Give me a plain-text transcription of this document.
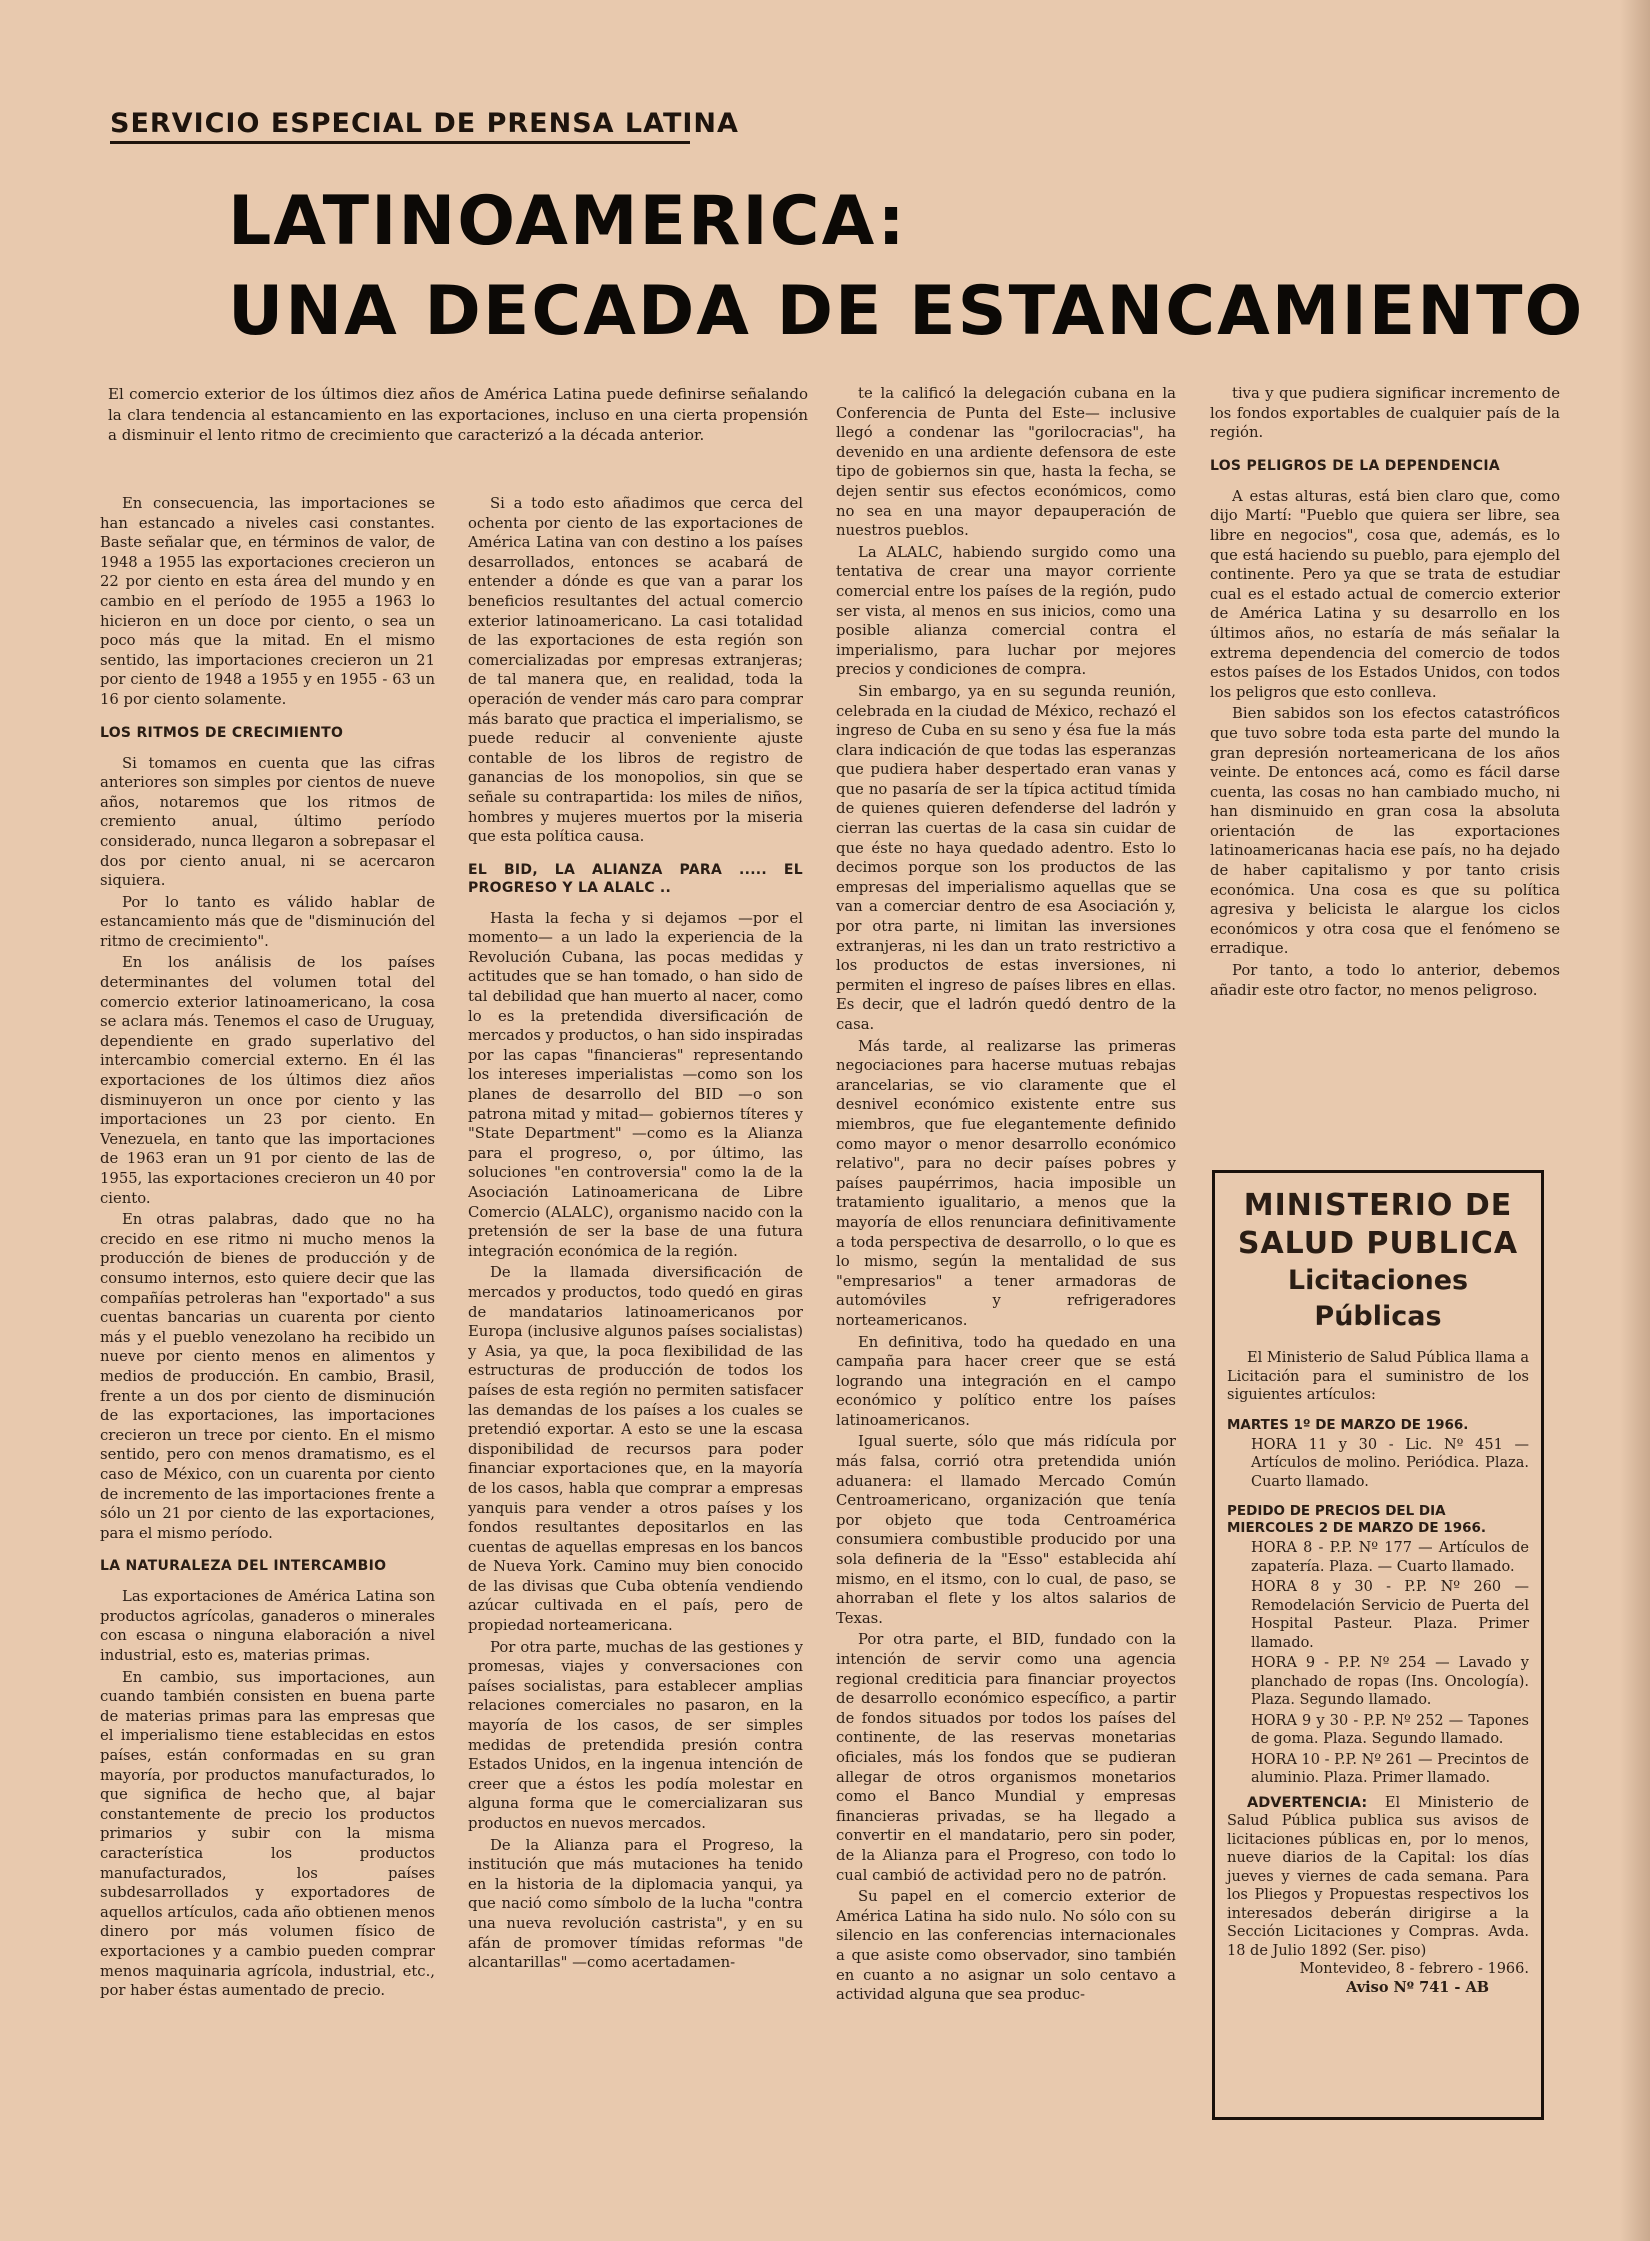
SERVICIO ESPECIAL DE PRENSA LATINA
LATINOAMERICA:
UNA DECADA DE ESTANCAMIENTO

El comercio exterior de los últimos diez años de América Latina puede definirse señalando la clara tendencia al estancamiento en las exportaciones, incluso en una cierta propensión a disminuir el lento ritmo de crecimiento que caracterizó a la década anterior.

En consecuencia, las importaciones se han estancado a niveles casi constantes. Baste señalar que, en términos de valor, de 1948 a 1955 las exportaciones crecieron un 22 por ciento en esta área del mundo y en cambio en el período de 1955 a 1963 lo hicieron en un doce por ciento, o sea un poco más que la mitad. En el mismo sentido, las importaciones crecieron un 21 por ciento de 1948 a 1955 y en 1955 - 63 un 16 por ciento solamente.

LOS RITMOS DE CRECIMIENTO

Si tomamos en cuenta que las cifras anteriores son simples por cientos de nueve años, notaremos que los ritmos de cremiento anual, último período considerado, nunca llegaron a sobrepasar el dos por ciento anual, ni se acercaron siquiera.

Por lo tanto es válido hablar de estancamiento más que de "disminución del ritmo de crecimiento".

En los análisis de los países determinantes del volumen total del comercio exterior latinoamericano, la cosa se aclara más. Tenemos el caso de Uruguay, dependiente en grado superlativo del intercambio comercial externo. En él las exportaciones de los últimos diez años disminuyeron un once por ciento y las importaciones un 23 por ciento. En Venezuela, en tanto que las importaciones de 1963 eran un 91 por ciento de las de 1955, las exportaciones crecieron un 40 por ciento.

En otras palabras, dado que no ha crecido en ese ritmo ni mucho menos la producción de bienes de producción y de consumo internos, esto quiere decir que las compañías petroleras han "exportado" a sus cuentas bancarias un cuarenta por ciento más y el pueblo venezolano ha recibido un nueve por ciento menos en alimentos y medios de producción. En cambio, Brasil, frente a un dos por ciento de disminución de las exportaciones, las importaciones crecieron un trece por ciento. En el mismo sentido, pero con menos dramatismo, es el caso de México, con un cuarenta por ciento de incremento de las importaciones frente a sólo un 21 por ciento de las exportaciones, para el mismo período.

LA NATURALEZA DEL INTERCAMBIO

Las exportaciones de América Latina son productos agrícolas, ganaderos o minerales con escasa o ninguna elaboración a nivel industrial, esto es, materias primas.

En cambio, sus importaciones, aun cuando también consisten en buena parte de materias primas para las empresas que el imperialismo tiene establecidas en estos países, están conformadas en su gran mayoría, por productos manufacturados, lo que significa de hecho que, al bajar constantemente de precio los productos primarios y subir con la misma característica los productos manufacturados, los países subdesarrollados y exportadores de aquellos artículos, cada año obtienen menos dinero por más volumen físico de exportaciones y a cambio pueden comprar menos maquinaria agrícola, industrial, etc., por haber éstas aumentado de precio.

Si a todo esto añadimos que cerca del ochenta por ciento de las exportaciones de América Latina van con destino a los países desarrollados, entonces se acabará de entender a dónde es que van a parar los beneficios resultantes del actual comercio exterior latinoamericano. La casi totalidad de las exportaciones de esta región son comercializadas por empresas extranjeras; de tal manera que, en realidad, toda la operación de vender más caro para comprar más barato que practica el imperialismo, se puede reducir al conveniente ajuste contable de los libros de registro de ganancias de los monopolios, sin que se señale su contrapartida: los miles de niños, hombres y mujeres muertos por la miseria que esta política causa.

EL BID, LA ALIANZA PARA ..... EL PROGRESO Y LA ALALC ..

Hasta la fecha y si dejamos —por el momento— a un lado la experiencia de la Revolución Cubana, las pocas medidas y actitudes que se han tomado, o han sido de tal debilidad que han muerto al nacer, como lo es la pretendida diversificación de mercados y productos, o han sido inspiradas por las capas "financieras" representando los intereses imperialistas —como son los planes de desarrollo del BID —o son patrona mitad y mitad— gobiernos títeres y "State Department" —como es la Alianza para el progreso, o, por último, las soluciones "en controversia" como la de la Asociación Latinoamericana de Libre Comercio (ALALC), organismo nacido con la pretensión de ser la base de una futura integración económica de la región.

De la llamada diversificación de mercados y productos, todo quedó en giras de mandatarios latinoamericanos por Europa (inclusive algunos países socialistas) y Asia, ya que, la poca flexibilidad de las estructuras de producción de todos los países de esta región no permiten satisfacer las demandas de los países a los cuales se pretendió exportar. A esto se une la escasa disponibilidad de recursos para poder financiar exportaciones que, en la mayoría de los casos, habla que comprar a empresas yanquis para vender a otros países y los fondos resultantes depositarlos en las cuentas de aquellas empresas en los bancos de Nueva York. Camino muy bien conocido de las divisas que Cuba obtenía vendiendo azúcar cultivada en el país, pero de propiedad norteamericana.

Por otra parte, muchas de las gestiones y promesas, viajes y conversaciones con países socialistas, para establecer amplias relaciones comerciales no pasaron, en la mayoría de los casos, de ser simples medidas de pretendida presión contra Estados Unidos, en la ingenua intención de creer que a éstos les podía molestar en alguna forma que le comercializaran sus productos en nuevos mercados.

De la Alianza para el Progreso, la institución que más mutaciones ha tenido en la historia de la diplomacia yanqui, ya que nació como símbolo de la lucha "contra una nueva revolución castrista", y en su afán de promover tímidas reformas "de alcantarillas" —como acertadamen-

te la calificó la delegación cubana en la Conferencia de Punta del Este— inclusive llegó a condenar las "gorilocracias", ha devenido en una ardiente defensora de este tipo de gobiernos sin que, hasta la fecha, se dejen sentir sus efectos económicos, como no sea en una mayor depauperación de nuestros pueblos.

La ALALC, habiendo surgido como una tentativa de crear una mayor corriente comercial entre los países de la región, pudo ser vista, al menos en sus inicios, como una posible alianza comercial contra el imperialismo, para luchar por mejores precios y condiciones de compra.

Sin embargo, ya en su segunda reunión, celebrada en la ciudad de México, rechazó el ingreso de Cuba en su seno y ésa fue la más clara indicación de que todas las esperanzas que pudiera haber despertado eran vanas y que no pasaría de ser la típica actitud tímida de quienes quieren defenderse del ladrón y cierran las cuertas de la casa sin cuidar de que éste no haya quedado adentro. Esto lo decimos porque son los productos de las empresas del imperialismo aquellas que se van a comerciar dentro de esa Asociación y, por otra parte, ni limitan las inversiones extranjeras, ni les dan un trato restrictivo a los productos de estas inversiones, ni permiten el ingreso de países libres en ellas. Es decir, que el ladrón quedó dentro de la casa.

Más tarde, al realizarse las primeras negociaciones para hacerse mutuas rebajas arancelarias, se vio claramente que el desnivel económico existente entre sus miembros, que fue elegantemente definido como mayor o menor desarrollo económico relativo", para no decir países pobres y países paupérrimos, hacia imposible un tratamiento igualitario, a menos que la mayoría de ellos renunciara definitivamente a toda perspectiva de desarrollo, o lo que es lo mismo, según la mentalidad de sus "empresarios" a tener armadoras de automóviles y refrigeradores norteamericanos.

En definitiva, todo ha quedado en una campaña para hacer creer que se está logrando una integración en el campo económico y político entre los países latinoamericanos.

Igual suerte, sólo que más ridícula por más falsa, corrió otra pretendida unión aduanera: el llamado Mercado Común Centroamericano, organización que tenía por objeto que toda Centroamérica consumiera combustible producido por una sola defineria de la "Esso" establecida ahí mismo, en el itsmo, con lo cual, de paso, se ahorraban el flete y los altos salarios de Texas.

Por otra parte, el BID, fundado con la intención de servir como una agencia regional crediticia para financiar proyectos de desarrollo económico específico, a partir de fondos situados por todos los países del continente, de las reservas monetarias oficiales, más los fondos que se pudieran allegar de otros organismos monetarios como el Banco Mundial y empresas financieras privadas, se ha llegado a convertir en el mandatario, pero sin poder, de la Alianza para el Progreso, con todo lo cual cambió de actividad pero no de patrón.

Su papel en el comercio exterior de América Latina ha sido nulo. No sólo con su silencio en las conferencias internacionales a que asiste como observador, sino también en cuanto a no asignar un solo centavo a actividad alguna que sea produc-

tiva y que pudiera significar incremento de los fondos exportables de cualquier país de la región.

LOS PELIGROS DE LA DEPENDENCIA

A estas alturas, está bien claro que, como dijo Martí: "Pueblo que quiera ser libre, sea libre en negocios", cosa que, además, es lo que está haciendo su pueblo, para ejemplo del continente. Pero ya que se trata de estudiar cual es el estado actual de comercio exterior de América Latina y su desarrollo en los últimos años, no estaría de más señalar la extrema dependencia del comercio de todos estos países de los Estados Unidos, con todos los peligros que esto conlleva.

Bien sabidos son los efectos catastróficos que tuvo sobre toda esta parte del mundo la gran depresión norteamericana de los años veinte. De entonces acá, como es fácil darse cuenta, las cosas no han cambiado mucho, ni han disminuido en gran cosa la absoluta orientación de las exportaciones latinoamericanas hacia ese país, no ha dejado de haber capitalismo y por tanto crisis económica. Una cosa es que su política agresiva y belicista le alargue los ciclos económicos y otra cosa que el fenómeno se erradique.

Por tanto, a todo lo anterior, debemos añadir este otro factor, no menos peligroso.

MINISTERIO DE
SALUD PUBLICA
Licitaciones Públicas

El Ministerio de Salud Pública llama a Licitación para el suministro de los siguientes artículos:

MARTES 1º DE MARZO DE 1966.

HORA 11 y 30 - Lic. Nº 451 — Artículos de molino. Periódica. Plaza. Cuarto llamado.

PEDIDO DE PRECIOS DEL DIA MIERCOLES 2 DE MARZO DE 1966.

HORA 8 - P.P. Nº 177 — Artículos de zapatería. Plaza. — Cuarto llamado.

HORA 8 y 30 - P.P. Nº 260 — Remodelación Servicio de Puerta del Hospital Pasteur. Plaza. Primer llamado.

HORA 9 - P.P. Nº 254 — Lavado y planchado de ropas (Ins. Oncología). Plaza. Segundo llamado.

HORA 9 y 30 - P.P. Nº 252 — Tapones de goma. Plaza. Segundo llamado.

HORA 10 - P.P. Nº 261 — Precintos de aluminio. Plaza. Primer llamado.

ADVERTENCIA: El Ministerio de Salud Pública publica sus avisos de licitaciones públicas en, por lo menos, nueve diarios de la Capital: los días jueves y viernes de cada semana. Para los Pliegos y Propuestas respectivos los interesados deberán dirigirse a la Sección Licitaciones y Compras. Avda. 18 de Julio 1892 (Ser. piso)

Montevideo, 8 - febrero - 1966.

Aviso Nº 741 - AB
